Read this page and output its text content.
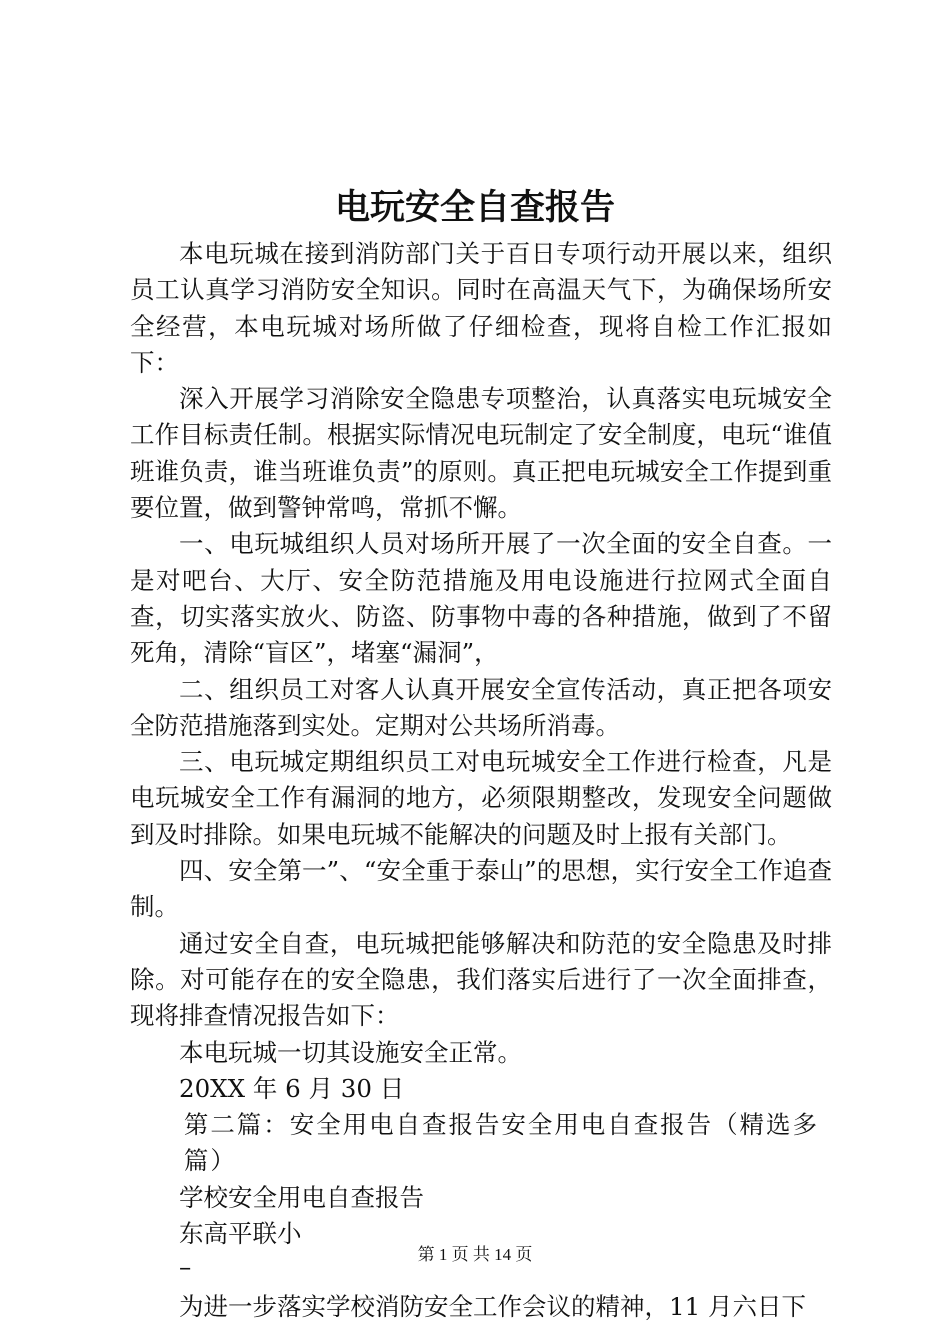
电玩安全自查报告

本电玩城在接到消防部门关于百日专项行动开展以来，组织员工认真学习消防安全知识。同时在高温天气下，为确保场所安全经营，本电玩城对场所做了仔细检查，现将自检工作汇报如下：

深入开展学习消除安全隐患专项整治，认真落实电玩城安全工作目标责任制。根据实际情况电玩制定了安全制度，电玩“谁值班谁负责，谁当班谁负责”的原则。真正把电玩城安全工作提到重要位置，做到警钟常鸣，常抓不懈。

一、电玩城组织人员对场所开展了一次全面的安全自查。一是对吧台、大厅、安全防范措施及用电设施进行拉网式全面自查，切实落实放火、防盗、防事物中毒的各种措施，做到了不留死角，清除“盲区”，堵塞“漏洞”，

二、组织员工对客人认真开展安全宣传活动，真正把各项安全防范措施落到实处。定期对公共场所消毒。

三、电玩城定期组织员工对电玩城安全工作进行检查，凡是电玩城安全工作有漏洞的地方，必须限期整改，发现安全问题做到及时排除。如果电玩城不能解决的问题及时上报有关部门。

四、安全第一”、“安全重于泰山”的思想，实行安全工作追查制。

通过安全自查，电玩城把能够解决和防范的安全隐患及时排除。对可能存在的安全隐患，我们落实后进行了一次全面排查，现将排查情况报告如下：

本电玩城一切其设施安全正常。

20XX 年 6 月 30 日

第二篇：安全用电自查报告安全用电自查报告（精选多篇）

学校安全用电自查报告

东高平联小

–

为进一步落实学校消防安全工作会议的精神，11 月六日下

第 1 页 共 14 页
